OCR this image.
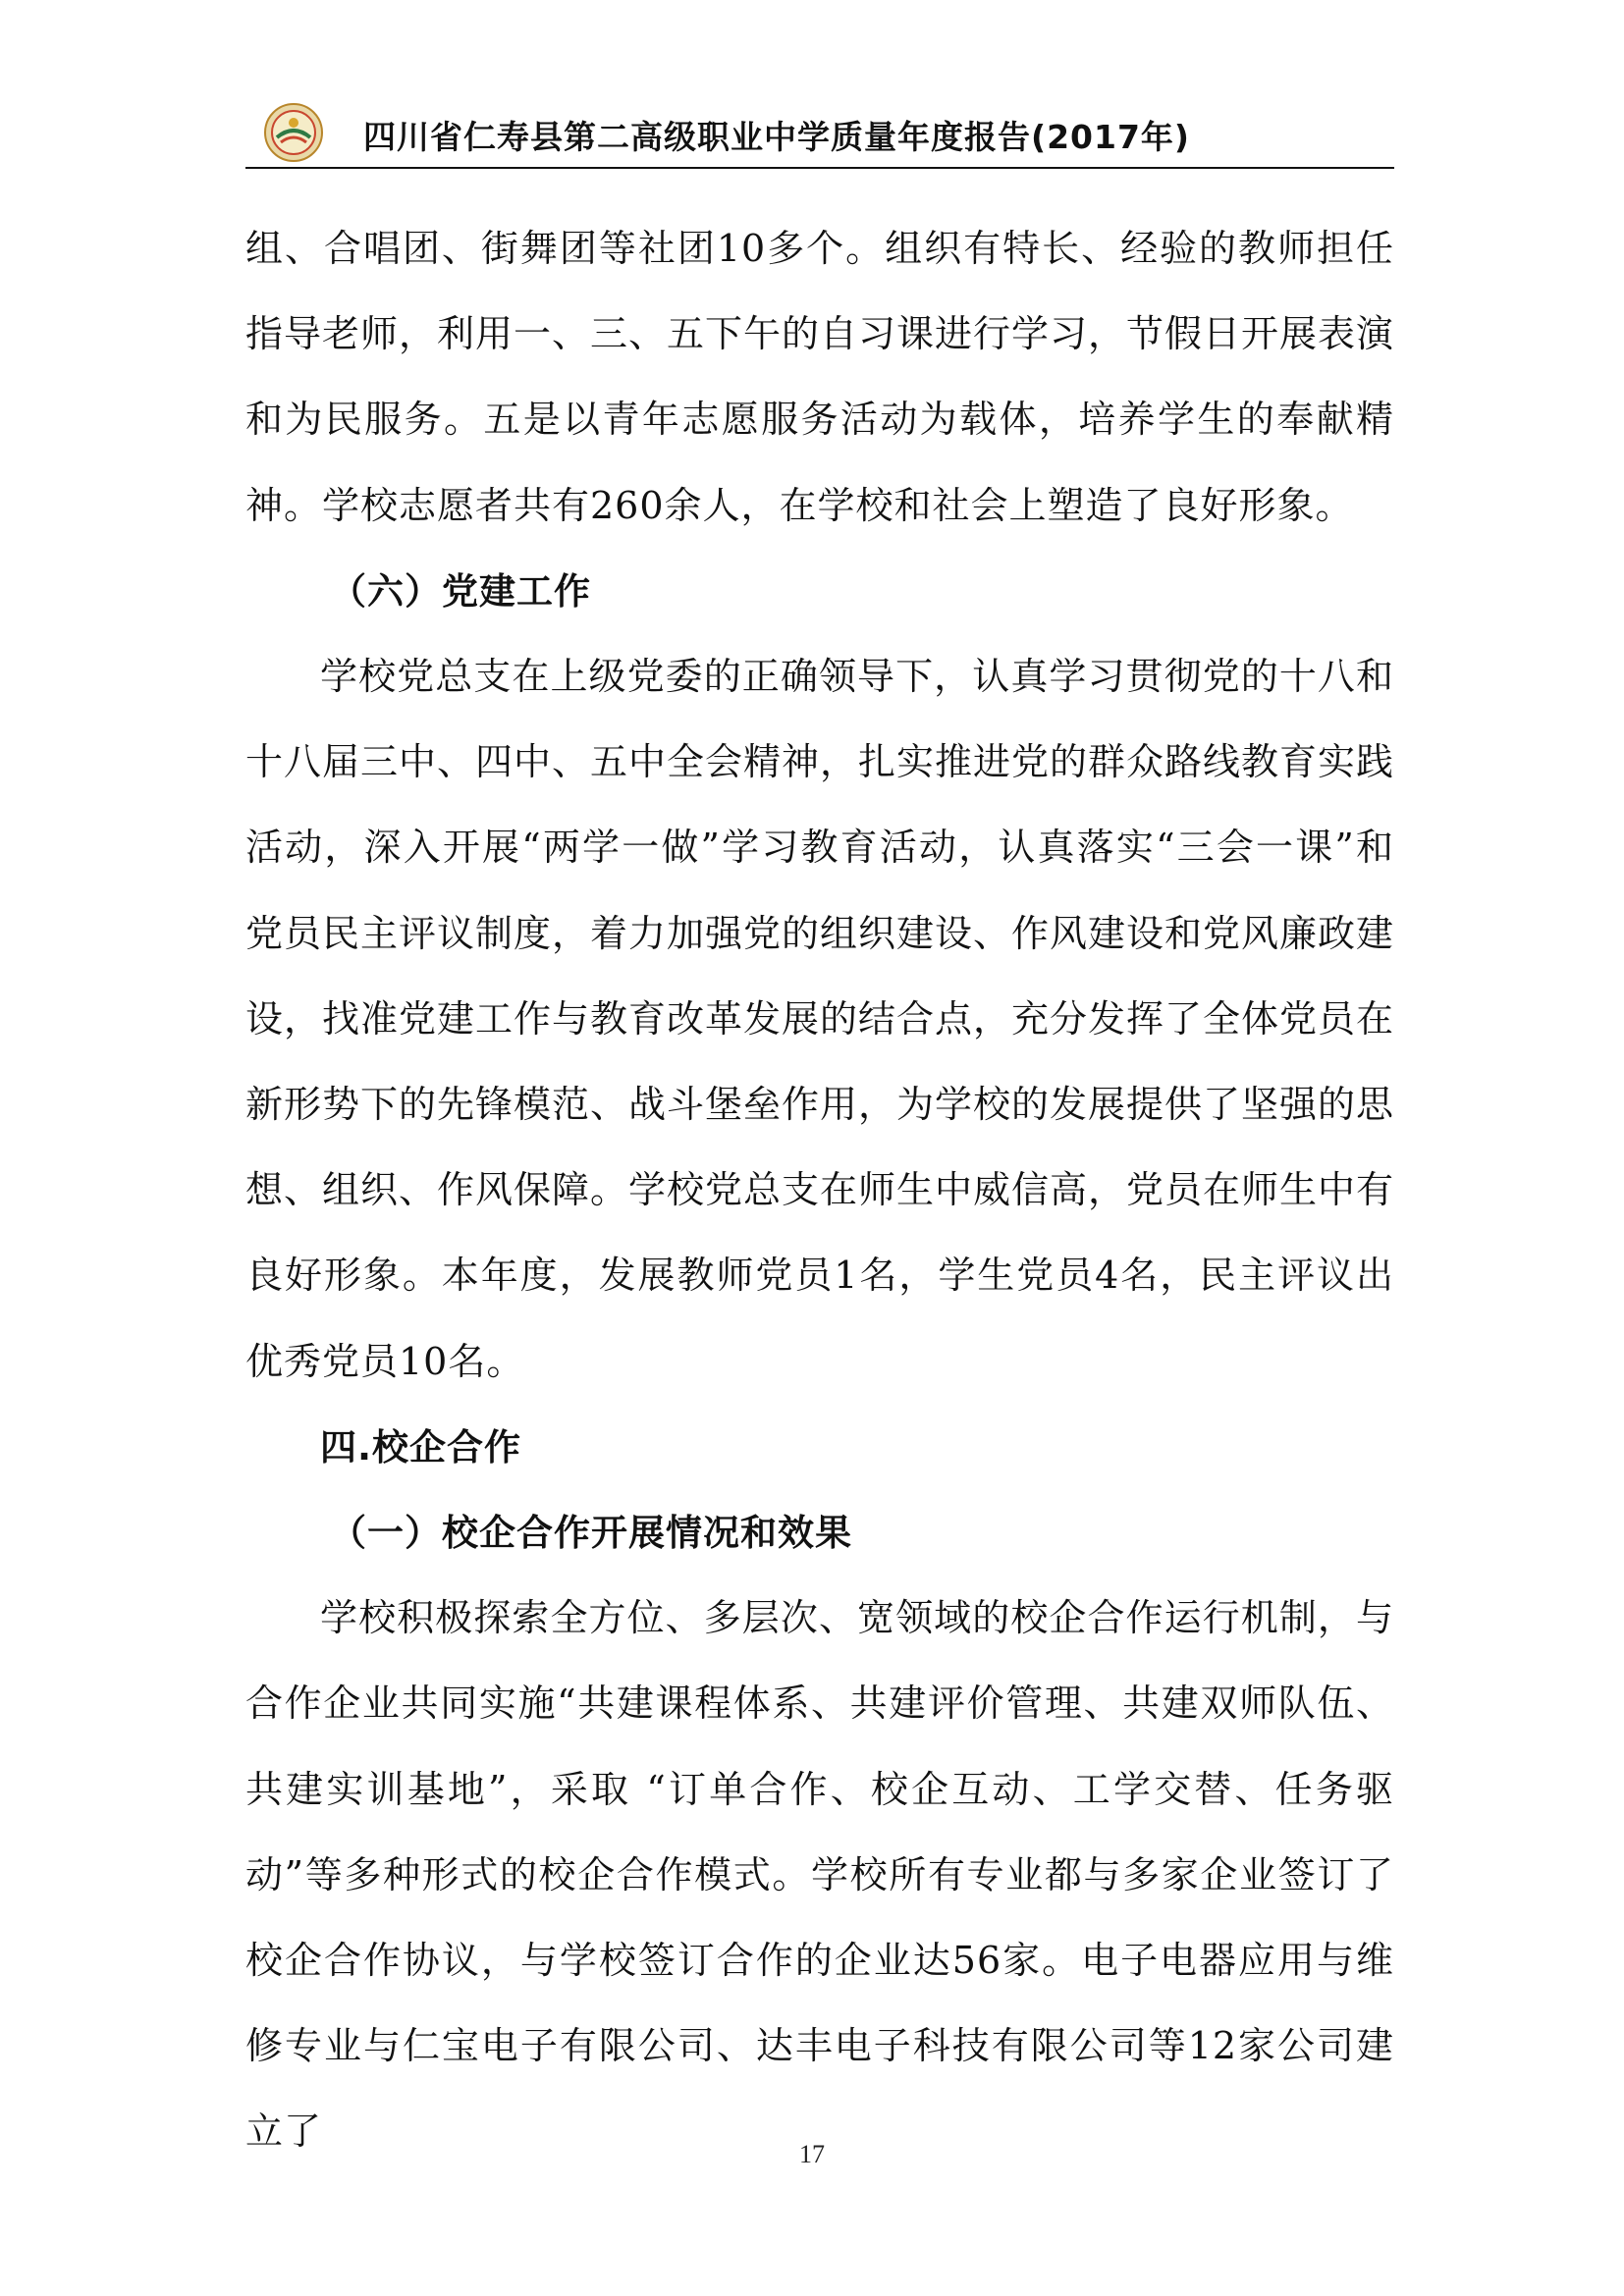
四川省仁寿县第二高级职业中学质量年度报告(2017年)

组、合唱团、街舞团等社团10多个。组织有特长、经验的教师担任指导老师，利用一、三、五下午的自习课进行学习，节假日开展表演和为民服务。五是以青年志愿服务活动为载体，培养学生的奉献精神。学校志愿者共有260余人，在学校和社会上塑造了良好形象。

（六）党建工作

学校党总支在上级党委的正确领导下，认真学习贯彻党的十八和十八届三中、四中、五中全会精神，扎实推进党的群众路线教育实践活动，深入开展“两学一做”学习教育活动，认真落实“三会一课”和党员民主评议制度，着力加强党的组织建设、作风建设和党风廉政建设，找准党建工作与教育改革发展的结合点，充分发挥了全体党员在新形势下的先锋模范、战斗堡垒作用，为学校的发展提供了坚强的思想、组织、作风保障。学校党总支在师生中威信高，党员在师生中有良好形象。本年度，发展教师党员1名，学生党员4名，民主评议出优秀党员10名。

四.校企合作

（一）校企合作开展情况和效果

学校积极探索全方位、多层次、宽领域的校企合作运行机制，与合作企业共同实施“共建课程体系、共建评价管理、共建双师队伍、共建实训基地”，采取 “订单合作、校企互动、工学交替、任务驱动”等多种形式的校企合作模式。学校所有专业都与多家企业签订了校企合作协议，与学校签订合作的企业达56家。电子电器应用与维修专业与仁宝电子有限公司、达丰电子科技有限公司等12家公司建立了

17
